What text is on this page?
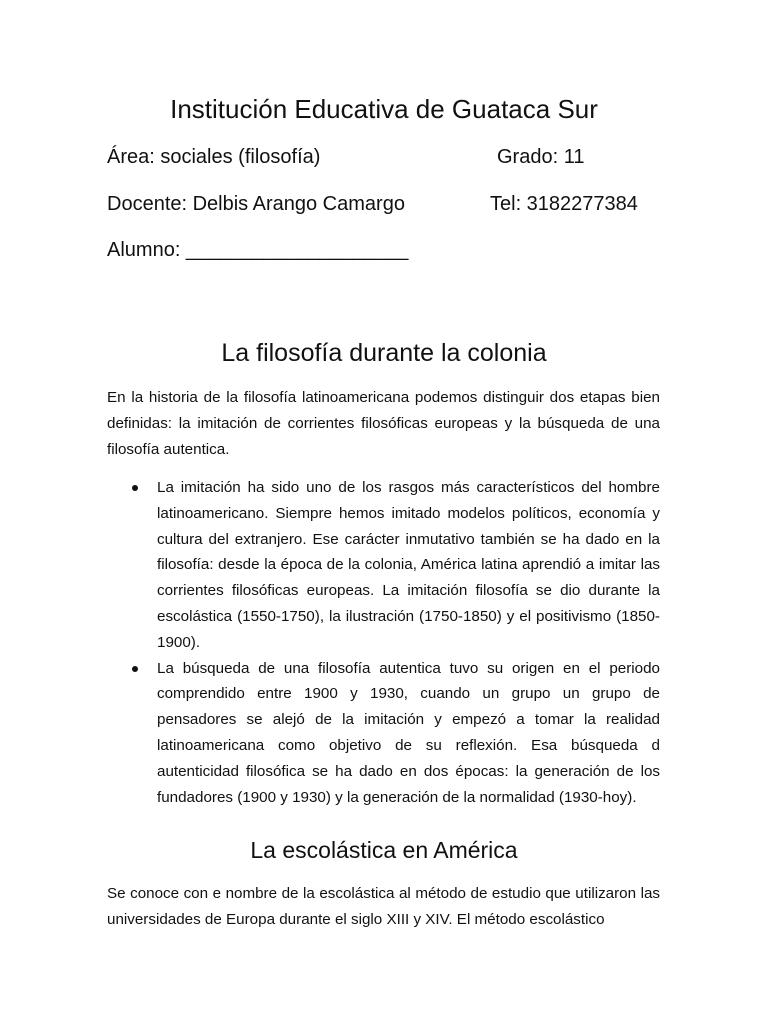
Institución Educativa de Guataca Sur
Área: sociales (filosofía)	Grado: 11
Docente: Delbis Arango Camargo	Tel: 3182277384
Alumno: ____________________
La filosofía durante la colonia
En la historia de la filosofía latinoamericana podemos distinguir dos etapas bien definidas: la imitación de corrientes filosóficas europeas y la búsqueda de una filosofía autentica.
La imitación ha sido uno de los rasgos más característicos del hombre latinoamericano. Siempre hemos imitado modelos políticos, economía y cultura del extranjero. Ese carácter inmutativo también se ha dado en la filosofía: desde la época de la colonia, América latina aprendió a imitar las corrientes filosóficas europeas. La imitación filosofía se dio durante la escolástica (1550-1750), la ilustración (1750-1850) y el positivismo (1850-1900).
La búsqueda de una filosofía autentica tuvo su origen en el periodo comprendido entre 1900 y 1930, cuando un grupo un grupo de pensadores se alejó de la imitación y empezó a tomar la realidad latinoamericana como objetivo de su reflexión. Esa búsqueda d autenticidad filosófica se ha dado en dos épocas: la generación de los fundadores (1900 y 1930) y la generación de la normalidad (1930-hoy).
La escolástica en América
Se conoce con e nombre de la escolástica al método de estudio que utilizaron las universidades de Europa durante el siglo XIII y XIV. El método escolástico
